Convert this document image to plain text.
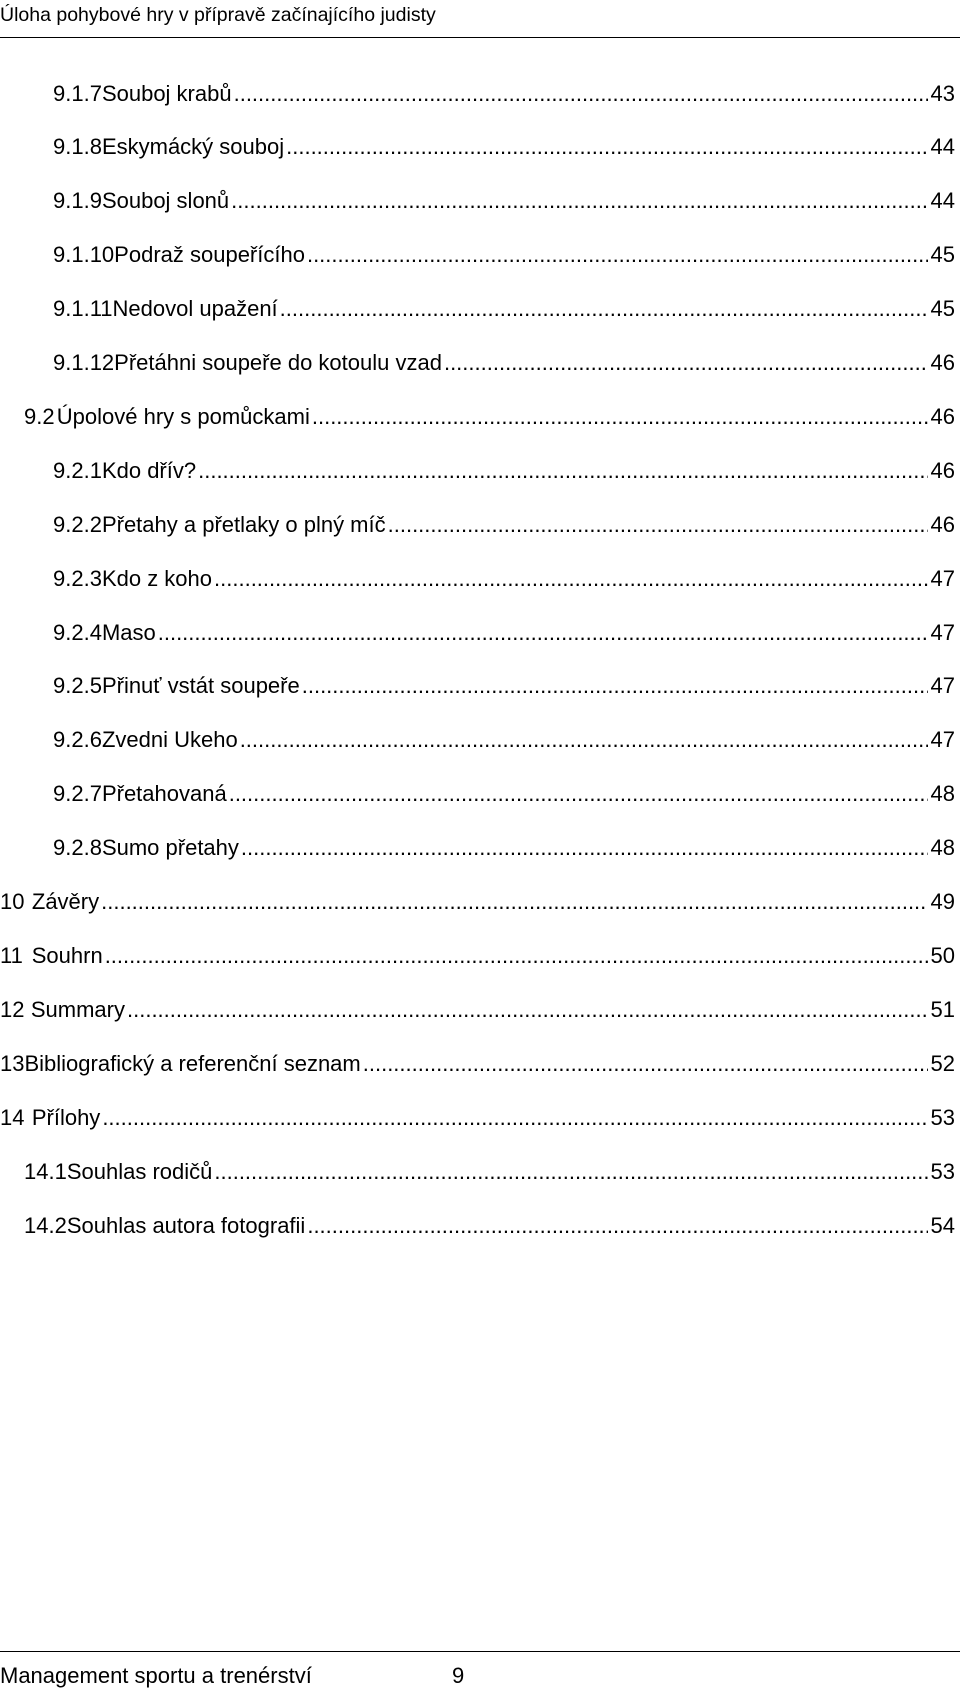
Úloha pohybové hry v přípravě začínajícího judisty
9.1.7 Souboj krabů .....	43
9.1.8 Eskymácký souboj .....	44
9.1.9 Souboj slonů .....	44
9.1.10 Podraž soupeřícího .....	45
9.1.11 Nedovol upažení .....	45
9.1.12 Přetáhni soupeře do kotoulu vzad .....	46
9.2 Úpolové hry s pomůckami .....	46
9.2.1 Kdo dřív? .....	46
9.2.2 Přetahy a přetlaky o plný míč .....	46
9.2.3 Kdo z koho .....	47
9.2.4 Maso .....	47
9.2.5 Přinuť vstát soupeře .....	47
9.2.6 Zvedni Ukeho .....	47
9.2.7 Přetahovaná .....	48
9.2.8 Sumo přetahy .....	48
10 Závěry .....	49
11 Souhrn .....	50
12 Summary .....	51
13 Bibliografický a referenční seznam .....	52
14 Přílohy .....	53
14.1 Souhlas rodičů .....	53
14.2 Souhlas autora fotografii .....	54
Management sportu a trenérství	9
